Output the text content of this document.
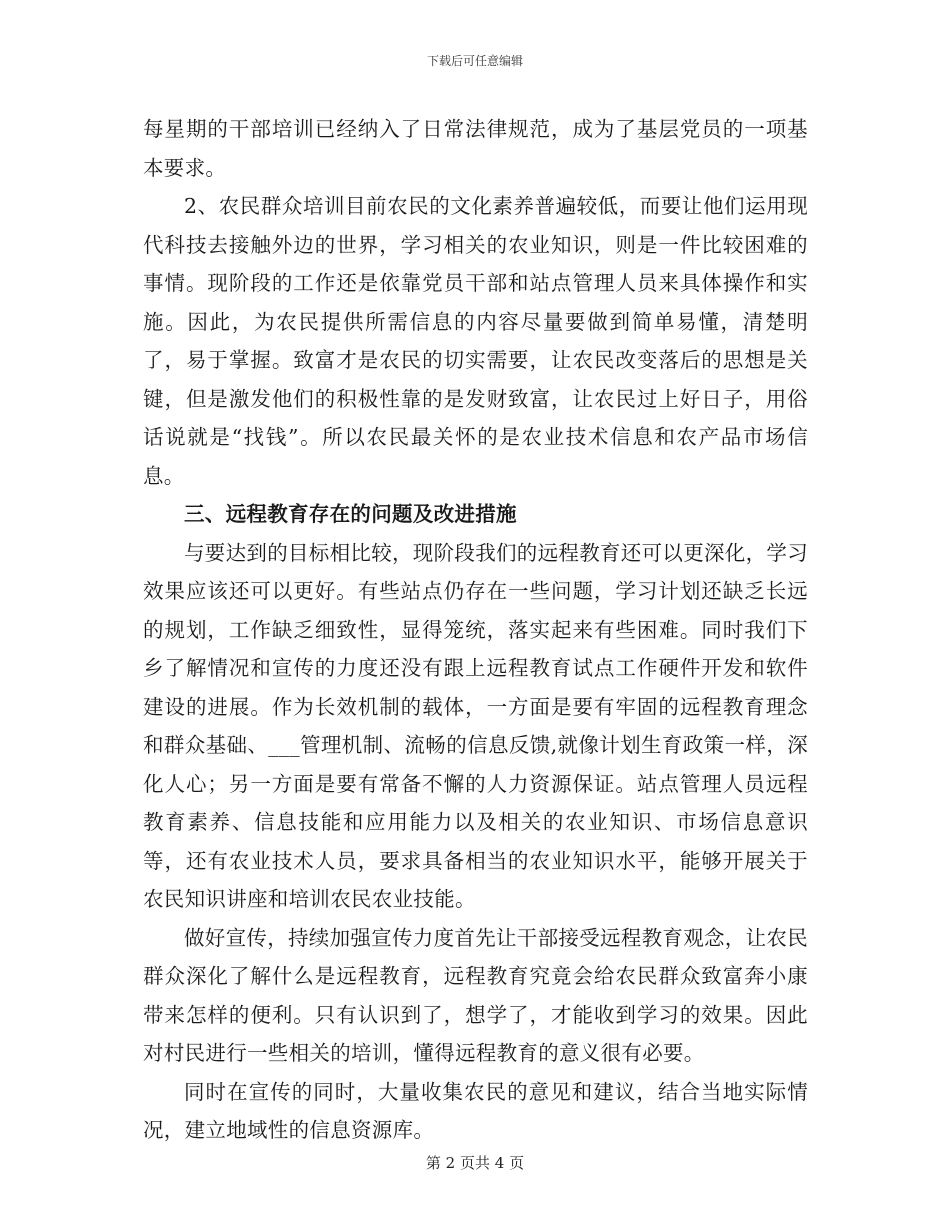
下载后可任意编辑

每星期的干部培训已经纳入了日常法律规范，成为了基层党员的一项基本要求。

2、农民群众培训目前农民的文化素养普遍较低，而要让他们运用现代科技去接触外边的世界，学习相关的农业知识，则是一件比较困难的事情。现阶段的工作还是依靠党员干部和站点管理人员来具体操作和实施。因此，为农民提供所需信息的内容尽量要做到简单易懂，清楚明了，易于掌握。致富才是农民的切实需要，让农民改变落后的思想是关键，但是激发他们的积极性靠的是发财致富，让农民过上好日子，用俗话说就是“找钱”。所以农民最关怀的是农业技术信息和农产品市场信息。

三、远程教育存在的问题及改进措施

与要达到的目标相比较，现阶段我们的远程教育还可以更深化，学习效果应该还可以更好。有些站点仍存在一些问题，学习计划还缺乏长远的规划，工作缺乏细致性，显得笼统，落实起来有些困难。同时我们下乡了解情况和宣传的力度还没有跟上远程教育试点工作硬件开发和软件建设的进展。作为长效机制的载体，一方面是要有牢固的远程教育理念和群众基础、___管理机制、流畅的信息反馈,就像计划生育政策一样，深化人心；另一方面是要有常备不懈的人力资源保证。站点管理人员远程教育素养、信息技能和应用能力以及相关的农业知识、市场信息意识等，还有农业技术人员，要求具备相当的农业知识水平，能够开展关于农民知识讲座和培训农民农业技能。

做好宣传，持续加强宣传力度首先让干部接受远程教育观念，让农民群众深化了解什么是远程教育，远程教育究竟会给农民群众致富奔小康带来怎样的便利。只有认识到了，想学了，才能收到学习的效果。因此对村民进行一些相关的培训，懂得远程教育的意义很有必要。

同时在宣传的同时，大量收集农民的意见和建议，结合当地实际情况，建立地域性的信息资源库。

第 2 页共 4 页
